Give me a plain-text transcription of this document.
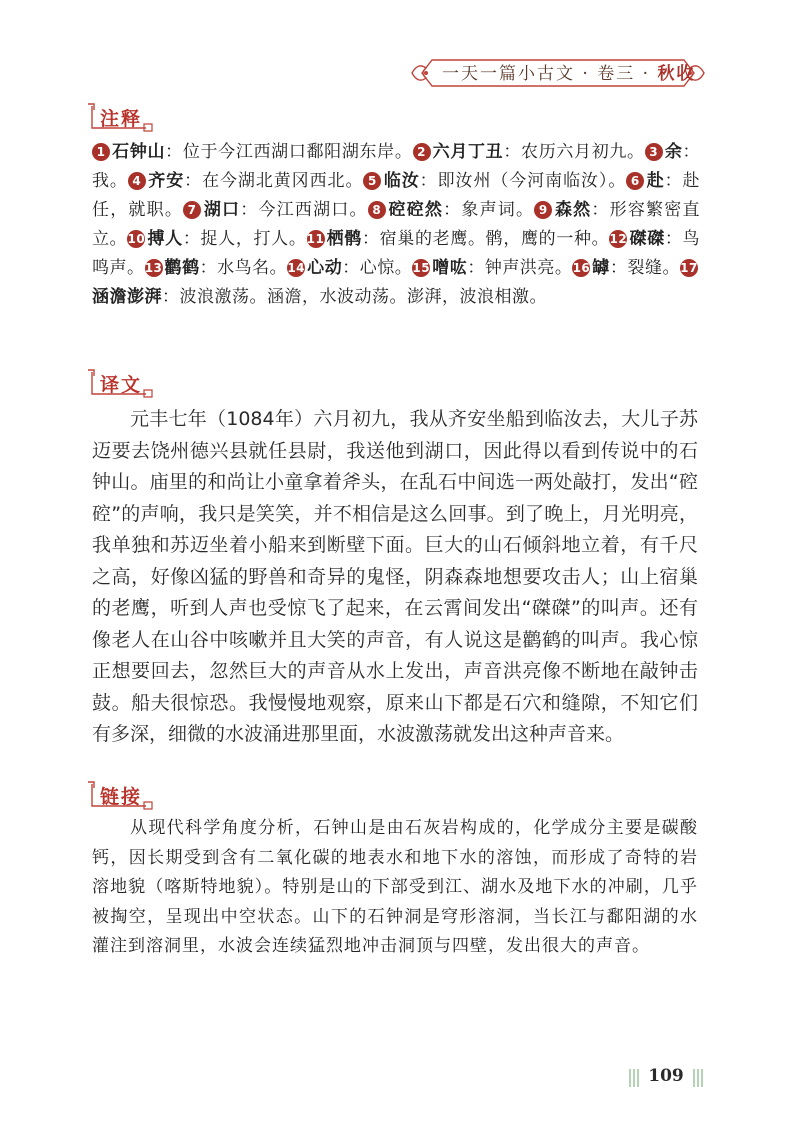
一天一篇小古文 · 卷三 · 秋收
注释
1 石钟山：位于今江西湖口鄱阳湖东岸。 2 六月丁丑：农历六月初九。 3 余：我。 4 齐安：在今湖北黄冈西北。 5 临汝：即汝州（今河南临汝）。 6 赴：赴任，就职。 7 湖口：今江西湖口。 8 硿硿然：象声词。 9 森然：形容繁密直立。10 搏人：捉人，打人。11 栖鹘：宿巢的老鹰。鹘，鹰的一种。12 磔磔：鸟鸣声。13 鹳鹤：水鸟名。14 心动：心惊。15 噌吰：钟声洪亮。16 罅：裂缝。17涵澹澎湃：波浪激荡。涵澹，水波动荡。澎湃，波浪相激。
译文

元丰七年（1084年）六月初九，我从齐安坐船到临汝去，大儿子苏迈要去饶州德兴县就任县尉，我送他到湖口，因此得以看到传说中的石钟山。庙里的和尚让小童拿着斧头，在乱石中间选一两处敲打，发出“硿硿”的声响，我只是笑笑，并不相信是这么回事。到了晚上，月光明亮，我单独和苏迈坐着小船来到断壁下面。巨大的山石倾斜地立着，有千尺之高，好像凶猛的野兽和奇异的鬼怪，阴森森地想要攻击人；山上宿巢的老鹰，听到人声也受惊飞了起来，在云霄间发出“磔磔”的叫声。还有像老人在山谷中咳嗽并且大笑的声音，有人说这是鹳鹤的叫声。我心惊正想要回去，忽然巨大的声音从水上发出，声音洪亮像不断地在敲钟击鼓。船夫很惊恐。我慢慢地观察，原来山下都是石穴和缝隙，不知它们有多深，细微的水波涌进那里面，水波激荡就发出这种声音来。

链接

从现代科学角度分析，石钟山是由石灰岩构成的，化学成分主要是碳酸钙，因长期受到含有二氧化碳的地表水和地下水的溶蚀，而形成了奇特的岩溶地貌（喀斯特地貌）。特别是山的下部受到江、湖水及地下水的冲刷，几乎被掏空，呈现出中空状态。山下的石钟洞是穹形溶洞，当长江与鄱阳湖的水灌注到溶洞里，水波会连续猛烈地冲击洞顶与四壁，发出很大的声音。

109
